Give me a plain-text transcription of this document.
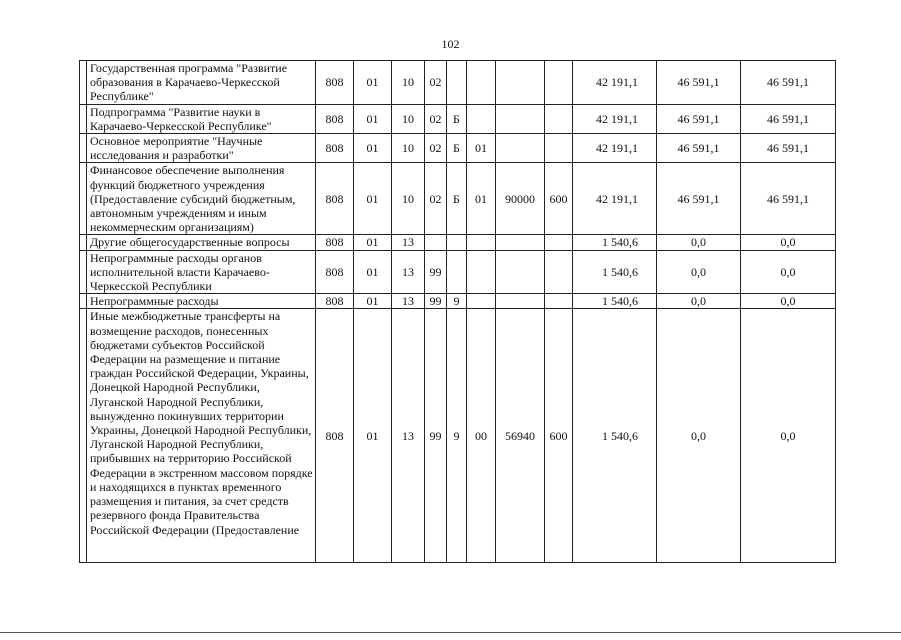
102
	Государственная программа "Развитие образования в Карачаево-Черкесской Республике"	808	01	10	02					42 191,1	46 591,1	46 591,1
	Подпрограмма "Развитие науки в Карачаево-Черкесской Республике"	808	01	10	02	Б				42 191,1	46 591,1	46 591,1
	Основное мероприятие "Научные исследования и разработки"	808	01	10	02	Б	01			42 191,1	46 591,1	46 591,1
	Финансовое обеспечение выполнения функций бюджетного учреждения (Предоставление субсидий бюджетным, автономным учреждениям и иным некоммерческим организациям)	808	01	10	02	Б	01	90000	600	42 191,1	46 591,1	46 591,1
	Другие общегосударственные вопросы	808	01	13						1 540,6	0,0	0,0
	Непрограммные расходы органов исполнительной власти Карачаево-Черкесской Республики	808	01	13	99					1 540,6	0,0	0,0
	Непрограммные расходы	808	01	13	99	9				1 540,6	0,0	0,0
	Иные межбюджетные трансферты на возмещение расходов, понесенных бюджетами субъектов Российской Федерации на размещение и питание граждан Российской Федерации, Украины, Донецкой Народной Республики, Луганской Народной Республики, вынужденно покинувших территории Украины, Донецкой Народной Республики, Луганской Народной Республики, прибывших на территорию Российской Федерации в экстренном массовом порядке и находящихся в пунктах временного размещения и питания, за счет средств резервного фонда Правительства Российской Федерации (Предоставление	808	01	13	99	9	00	56940	600	1 540,6	0,0	0,0
